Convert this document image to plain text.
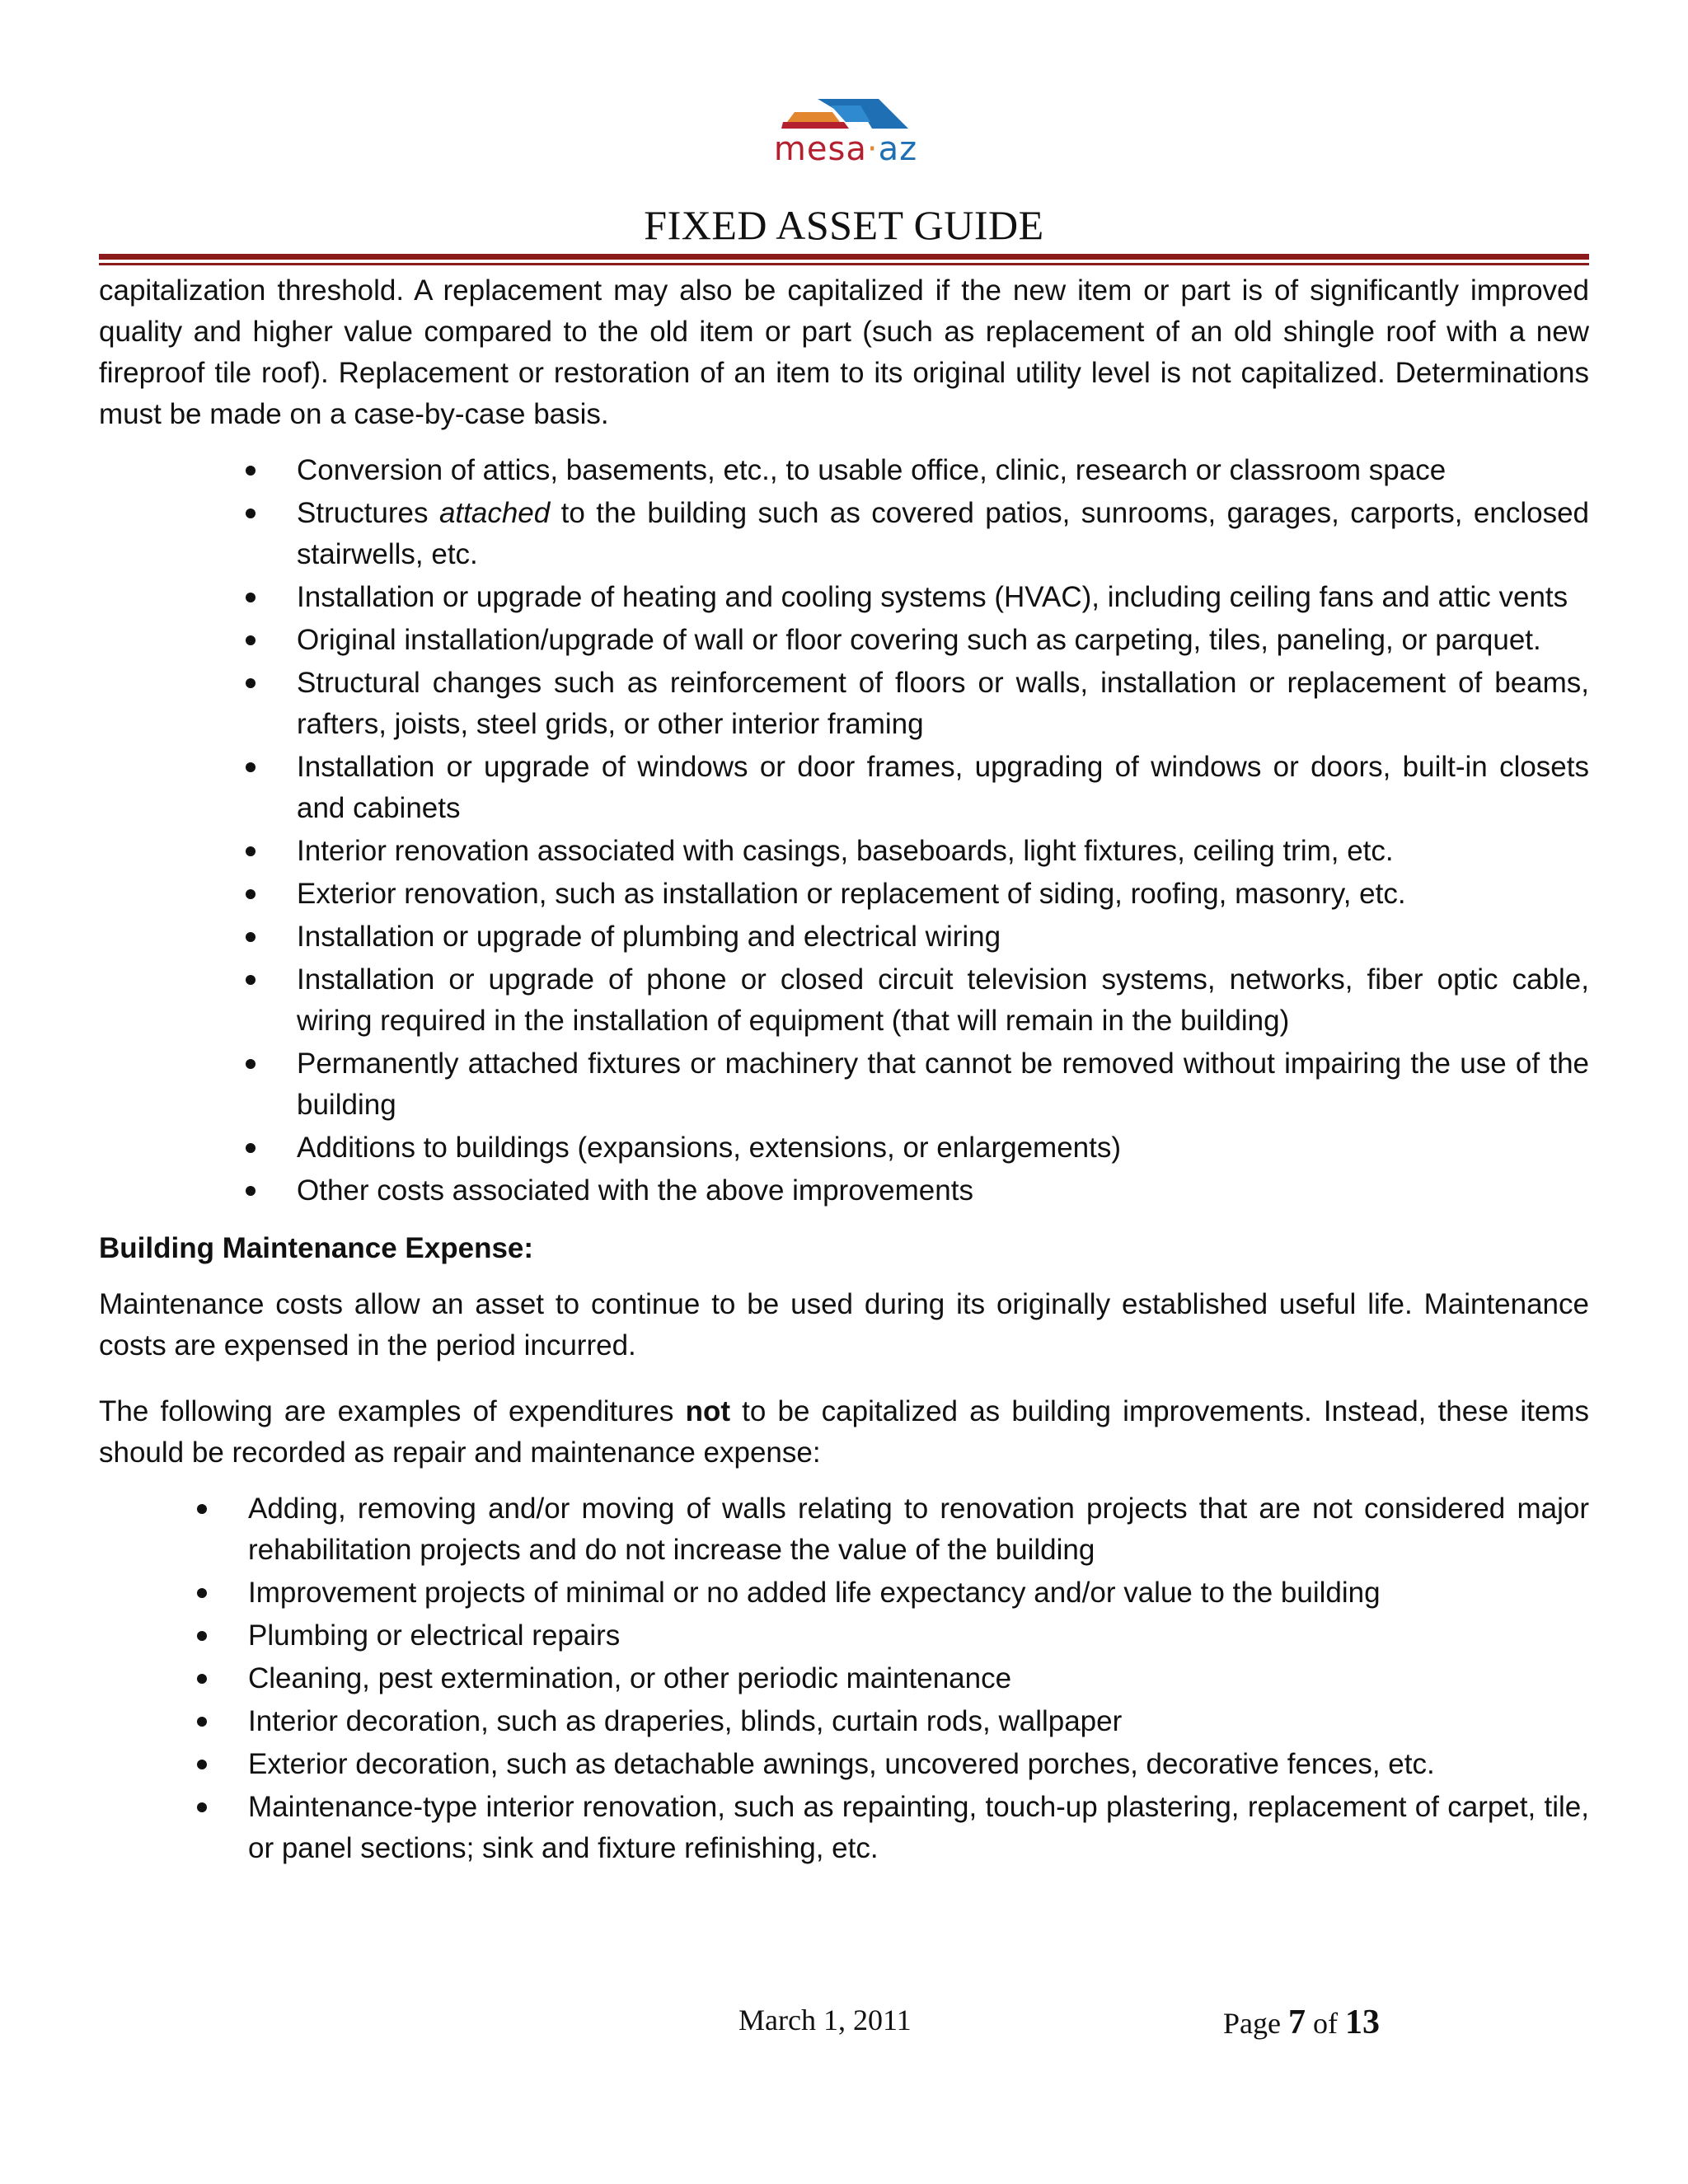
mesa·az
FIXED ASSET GUIDE

capitalization threshold. A replacement may also be capitalized if the new item or part is of significantly improved quality and higher value compared to the old item or part (such as replacement of an old shingle roof with a new fireproof tile roof). Replacement or restoration of an item to its original utility level is not capitalized. Determinations must be made on a case-by-case basis.

Conversion of attics, basements, etc., to usable office, clinic, research or classroom space
Structures attached to the building such as covered patios, sunrooms, garages, carports, enclosed stairwells, etc.
Installation or upgrade of heating and cooling systems (HVAC), including ceiling fans and attic vents
Original installation/upgrade of wall or floor covering such as carpeting, tiles, paneling, or parquet.
Structural changes such as reinforcement of floors or walls, installation or replacement of beams, rafters, joists, steel grids, or other interior framing
Installation or upgrade of windows or door frames, upgrading of windows or doors, built-in closets and cabinets
Interior renovation associated with casings, baseboards, light fixtures, ceiling trim, etc.
Exterior renovation, such as installation or replacement of siding, roofing, masonry, etc.
Installation or upgrade of plumbing and electrical wiring
Installation or upgrade of phone or closed circuit television systems, networks, fiber optic cable, wiring required in the installation of equipment (that will remain in the building)
Permanently attached fixtures or machinery that cannot be removed without impairing the use of the building
Additions to buildings (expansions, extensions, or enlargements)
Other costs associated with the above improvements

Building Maintenance Expense:

Maintenance costs allow an asset to continue to be used during its originally established useful life. Maintenance costs are expensed in the period incurred.

The following are examples of expenditures not to be capitalized as building improvements. Instead, these items should be recorded as repair and maintenance expense:

Adding, removing and/or moving of walls relating to renovation projects that are not considered major rehabilitation projects and do not increase the value of the building
Improvement projects of minimal or no added life expectancy and/or value to the building
Plumbing or electrical repairs
Cleaning, pest extermination, or other periodic maintenance
Interior decoration, such as draperies, blinds, curtain rods, wallpaper
Exterior decoration, such as detachable awnings, uncovered porches, decorative fences, etc.
Maintenance-type interior renovation, such as repainting, touch-up plastering, replacement of carpet, tile, or panel sections; sink and fixture refinishing, etc.
March 1, 2011	Page 7 of 13
